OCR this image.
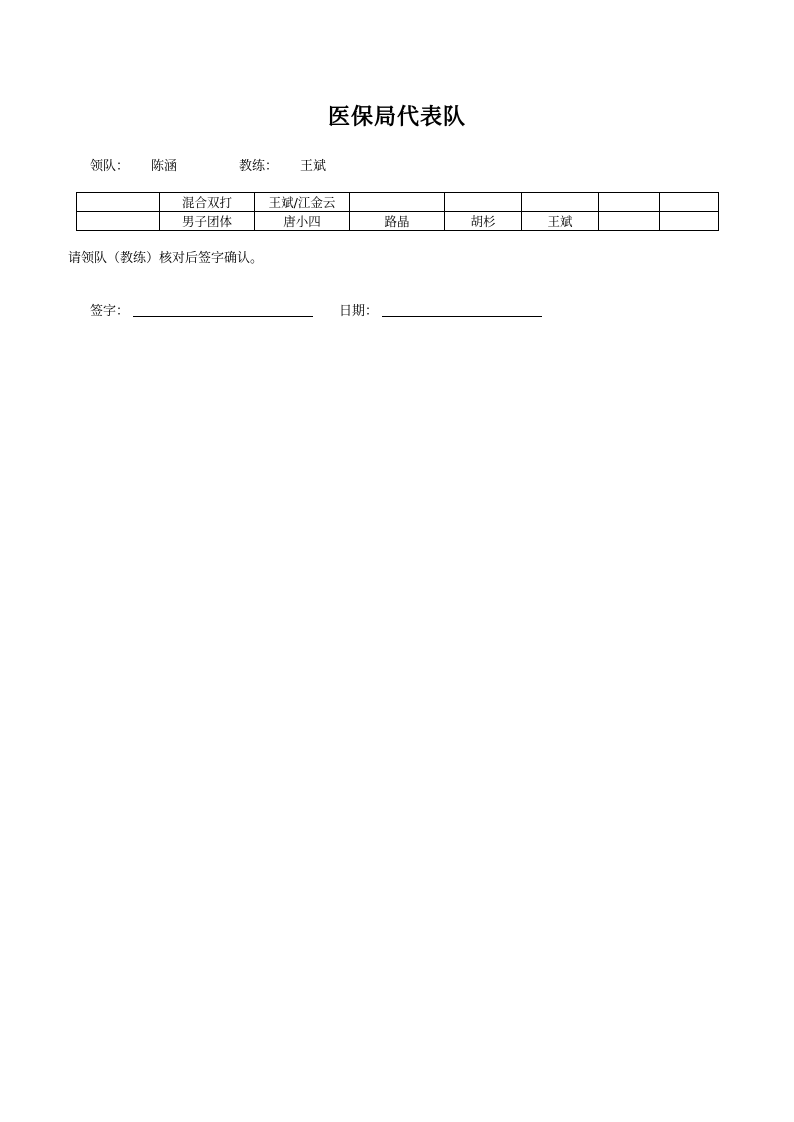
医保局代表队
领队： 陈涵	教练： 王斌
	混合双打	王斌/江金云					
	男子团体	唐小四	路晶	胡杉	王斌		
请领队（教练）核对后签字确认。
签字：	日期：
